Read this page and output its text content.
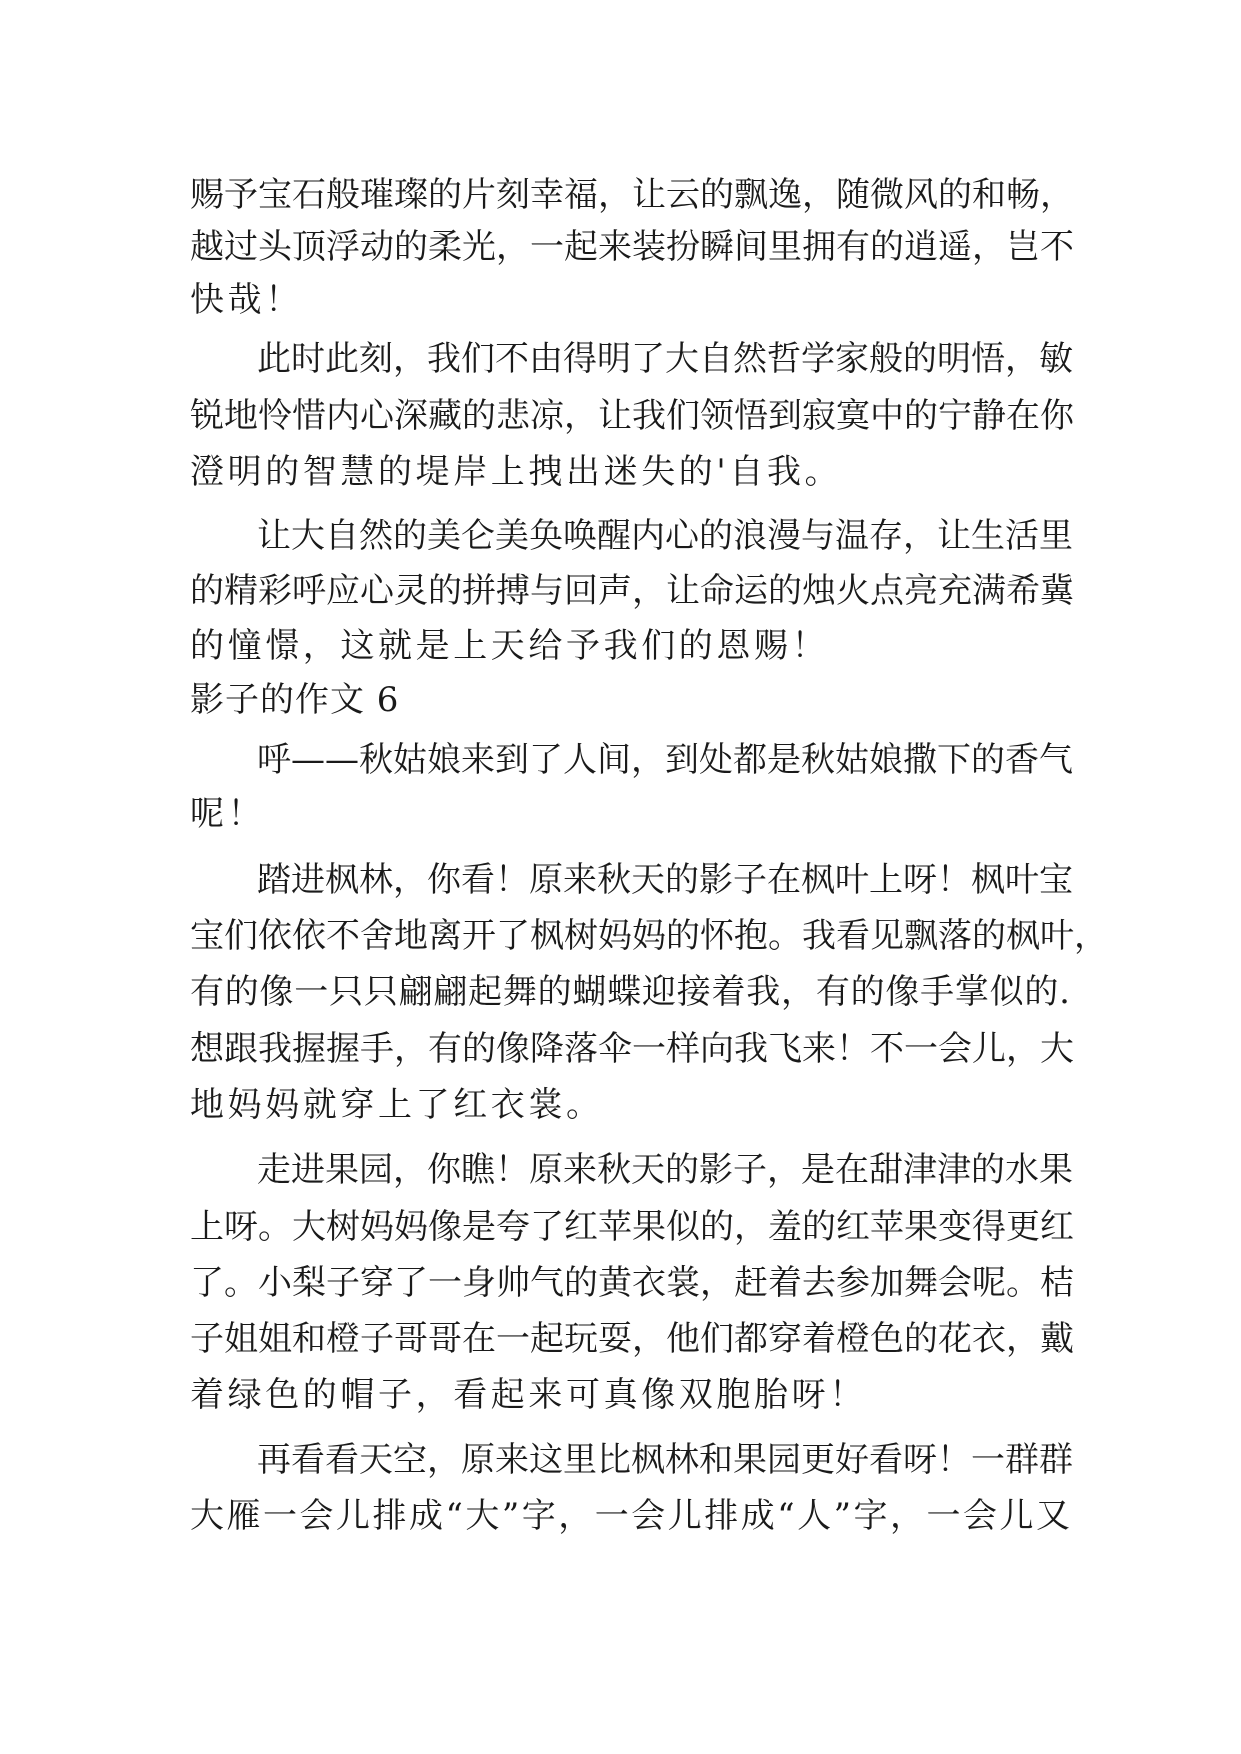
赐予宝石般璀璨的片刻幸福，让云的飘逸，随微风的和畅，
越过头顶浮动的柔光，一起来装扮瞬间里拥有的逍遥，岂不
快哉！
此时此刻，我们不由得明了大自然哲学家般的明悟，敏
锐地怜惜内心深藏的悲凉，让我们领悟到寂寞中的宁静在你
澄明的智慧的堤岸上拽出迷失的'自我。
让大自然的美仑美奂唤醒内心的浪漫与温存，让生活里
的精彩呼应心灵的拼搏与回声，让命运的烛火点亮充满希冀
的憧憬，这就是上天给予我们的恩赐！
影子的作文 6
呼——秋姑娘来到了人间，到处都是秋姑娘撒下的香气
呢！
踏进枫林，你看！原来秋天的影子在枫叶上呀！枫叶宝
宝们依依不舍地离开了枫树妈妈的怀抱。我看见飘落的枫叶，
有的像一只只翩翩起舞的蝴蝶迎接着我，有的像手掌似的.
想跟我握握手，有的像降落伞一样向我飞来！不一会儿，大
地妈妈就穿上了红衣裳。
走进果园，你瞧！原来秋天的影子，是在甜津津的水果
上呀。大树妈妈像是夸了红苹果似的，羞的红苹果变得更红
了。小梨子穿了一身帅气的黄衣裳，赶着去参加舞会呢。桔
子姐姐和橙子哥哥在一起玩耍，他们都穿着橙色的花衣，戴
着绿色的帽子，看起来可真像双胞胎呀！
再看看天空，原来这里比枫林和果园更好看呀！一群群
大雁一会儿排成“大”字，一会儿排成“人”字，一会儿又
